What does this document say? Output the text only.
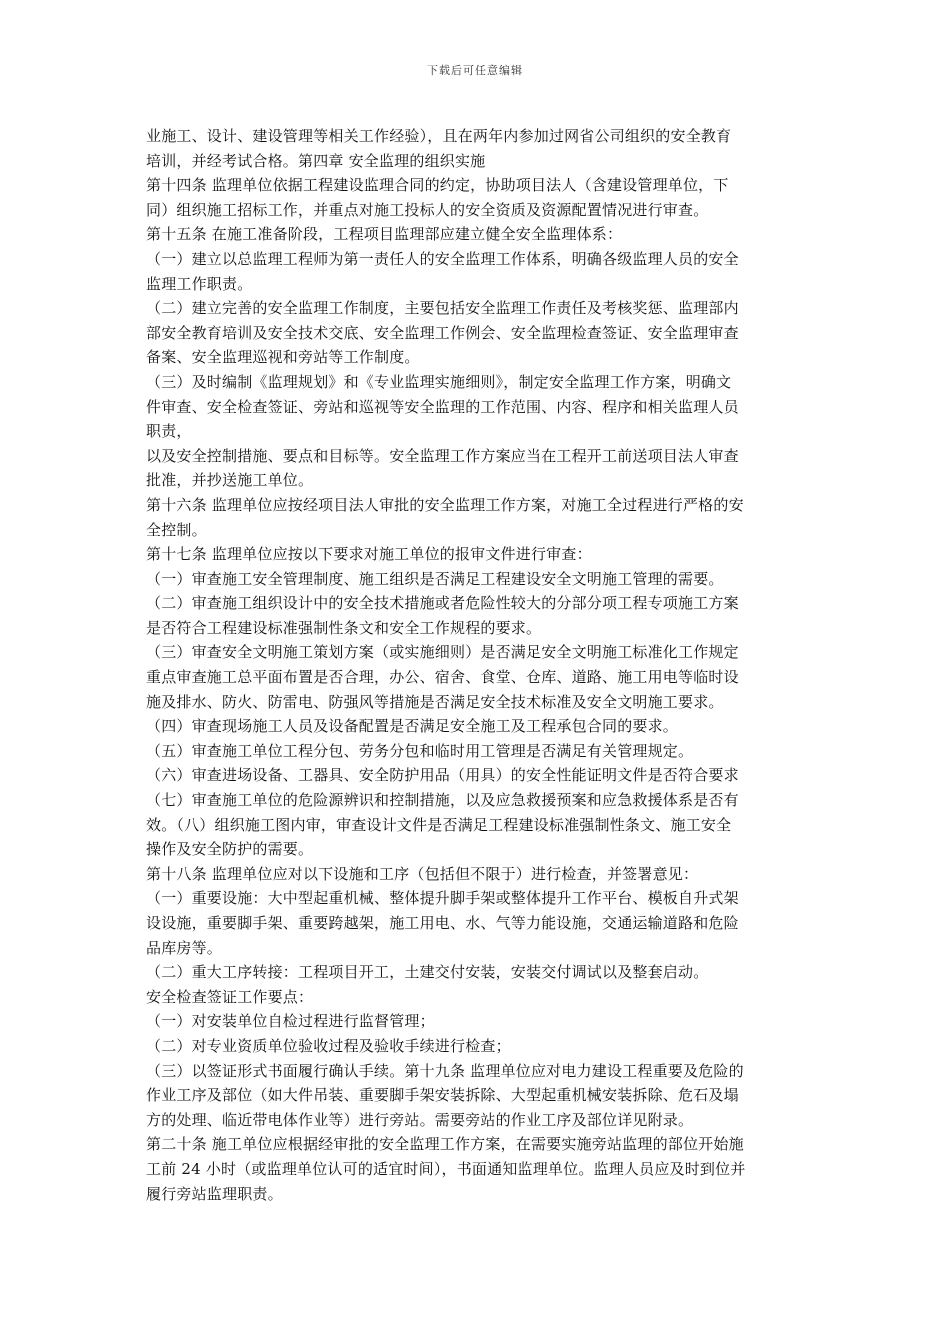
下载后可任意编辑
业施工、设计、建设管理等相关工作经验），且在两年内参加过网省公司组织的安全教育
培训，并经考试合格。第四章 安全监理的组织实施
第十四条 监理单位依据工程建设监理合同的约定，协助项目法人（含建设管理单位，下
同）组织施工招标工作，并重点对施工投标人的安全资质及资源配置情况进行审查。
第十五条 在施工准备阶段，工程项目监理部应建立健全安全监理体系：
（一）建立以总监理工程师为第一责任人的安全监理工作体系，明确各级监理人员的安全
监理工作职责。
（二）建立完善的安全监理工作制度，主要包括安全监理工作责任及考核奖惩、监理部内
部安全教育培训及安全技术交底、安全监理工作例会、安全监理检查签证、安全监理审查
备案、安全监理巡视和旁站等工作制度。
（三）及时编制《监理规划》和《专业监理实施细则》，制定安全监理工作方案，明确文
件审查、安全检查签证、旁站和巡视等安全监理的工作范围、内容、程序和相关监理人员
职责，
以及安全控制措施、要点和目标等。安全监理工作方案应当在工程开工前送项目法人审查
批准，并抄送施工单位。
第十六条 监理单位应按经项目法人审批的安全监理工作方案，对施工全过程进行严格的安
全控制。
第十七条 监理单位应按以下要求对施工单位的报审文件进行审查：
（一）审查施工安全管理制度、施工组织是否满足工程建设安全文明施工管理的需要。
（二）审查施工组织设计中的安全技术措施或者危险性较大的分部分项工程专项施工方案
是否符合工程建设标准强制性条文和安全工作规程的要求。
（三）审查安全文明施工策划方案（或实施细则）是否满足安全文明施工标准化工作规定
重点审查施工总平面布置是否合理，办公、宿舍、食堂、仓库、道路、施工用电等临时设
施及排水、防火、防雷电、防强风等措施是否满足安全技术标准及安全文明施工要求。
（四）审查现场施工人员及设备配置是否满足安全施工及工程承包合同的要求。
（五）审查施工单位工程分包、劳务分包和临时用工管理是否满足有关管理规定。
（六）审查进场设备、工器具、安全防护用品（用具）的安全性能证明文件是否符合要求
（七）审查施工单位的危险源辨识和控制措施，以及应急救援预案和应急救援体系是否有
效。（八）组织施工图内审，审查设计文件是否满足工程建设标准强制性条文、施工安全
操作及安全防护的需要。
第十八条 监理单位应对以下设施和工序（包括但不限于）进行检查，并签署意见：
（一）重要设施：大中型起重机械、整体提升脚手架或整体提升工作平台、模板自升式架
设设施，重要脚手架、重要跨越架，施工用电、水、气等力能设施，交通运输道路和危险
品库房等。
（二）重大工序转接：工程项目开工，土建交付安装，安装交付调试以及整套启动。
安全检查签证工作要点：
（一）对安装单位自检过程进行监督管理；
（二）对专业资质单位验收过程及验收手续进行检查；
（三）以签证形式书面履行确认手续。第十九条 监理单位应对电力建设工程重要及危险的
作业工序及部位（如大件吊装、重要脚手架安装拆除、大型起重机械安装拆除、危石及塌
方的处理、临近带电体作业等）进行旁站。需要旁站的作业工序及部位详见附录。
第二十条 施工单位应根据经审批的安全监理工作方案，在需要实施旁站监理的部位开始施
工前 24 小时（或监理单位认可的适宜时间），书面通知监理单位。监理人员应及时到位并
履行旁站监理职责。
